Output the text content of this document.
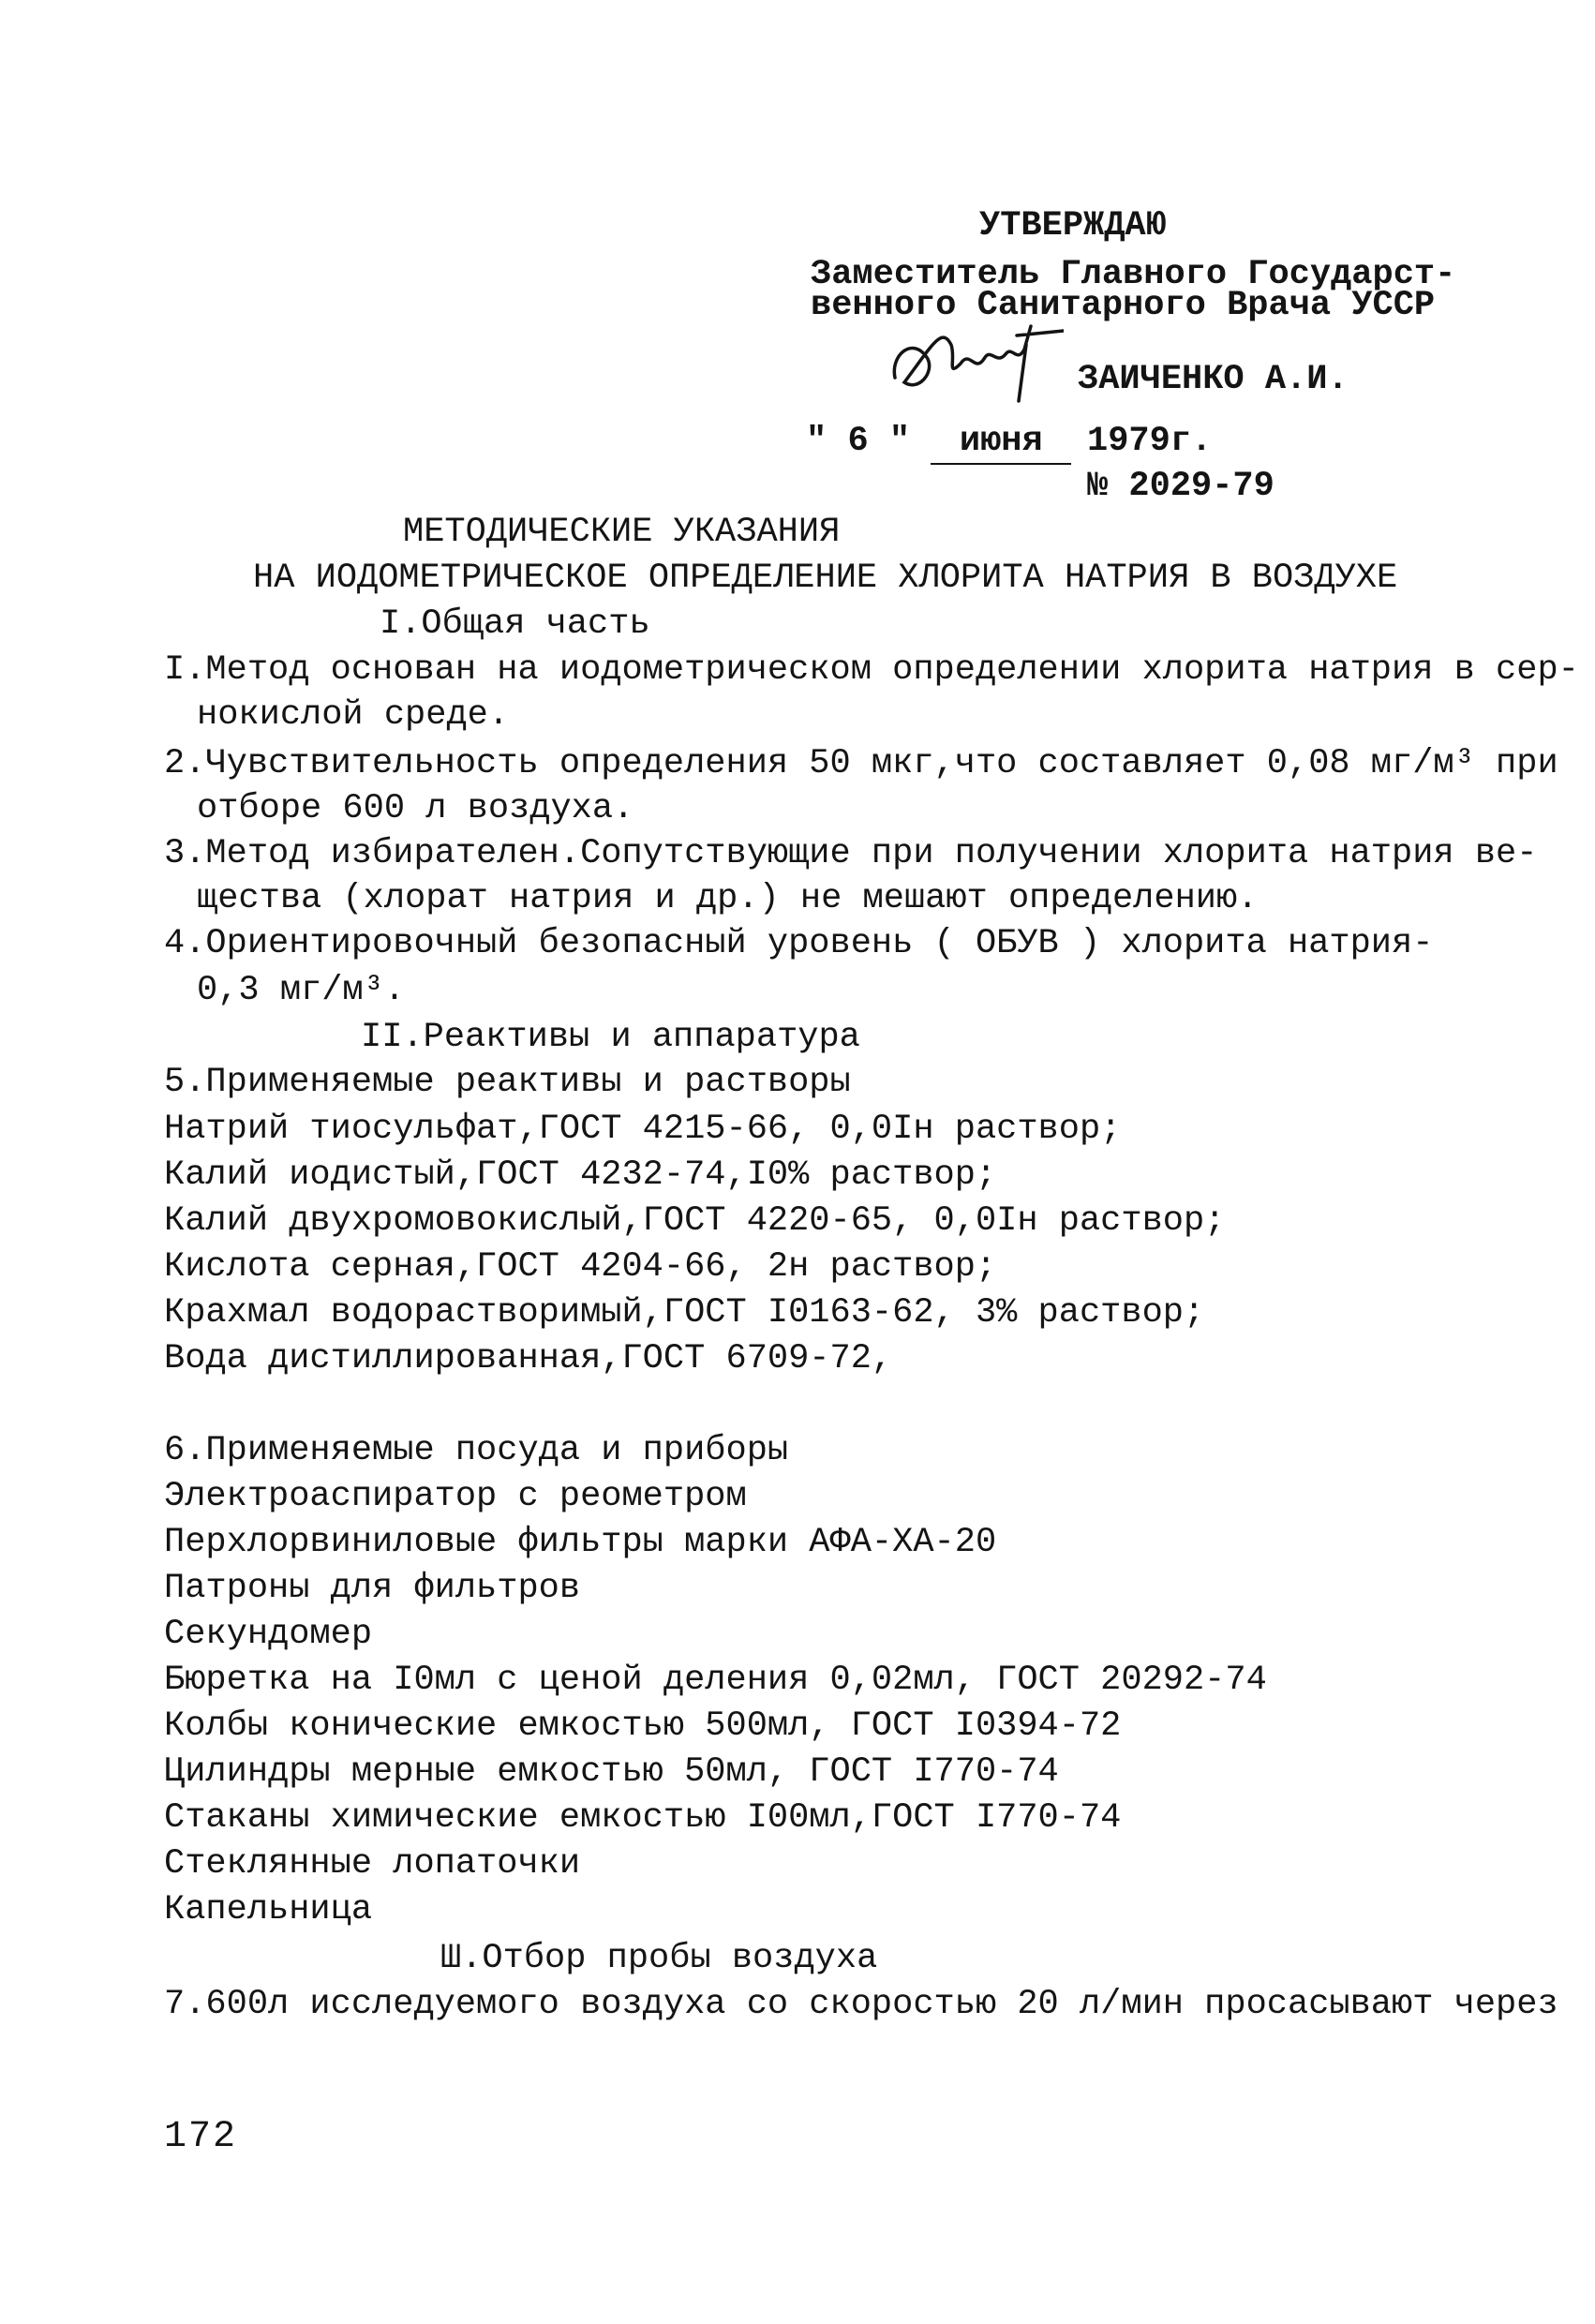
УТВЕРЖДАЮ
Заместитель Главного Государст-
венного Санитарного Врача УССР
ЗАИЧЕНКО А.И.
" 6 " июня	1979г.
№ 2029-79
МЕТОДИЧЕСКИЕ УКАЗАНИЯ
НА ИОДОМЕТРИЧЕСКОЕ ОПРЕДЕЛЕНИЕ ХЛОРИТА НАТРИЯ В ВОЗДУХЕ
I.Общая часть
I.Метод основан на иодометрическом определении хлорита натрия в сер-
нокислой среде.
2.Чувствительность определения 50 мкг,что составляет 0,08 мг/м³ при
отборе 600 л воздуха.
3.Метод избирателен.Сопутствующие при получении хлорита натрия ве-
щества (хлорат натрия и др.) не мешают определению.
4.Ориентировочный безопасный уровень ( ОБУВ ) хлорита натрия-
0,3 мг/м³.
II.Реактивы и аппаратура
5.Применяемые реактивы и растворы
Натрий тиосульфат,ГОСТ 4215-66, 0,0Iн раствор;
Калий иодистый,ГОСТ 4232-74,I0% раствор;
Калий двухромовокислый,ГОСТ 4220-65, 0,0Iн раствор;
Кислота серная,ГОСТ 4204-66, 2н раствор;
Крахмал водорастворимый,ГОСТ I0163-62, 3% раствор;
Вода дистиллированная,ГОСТ 6709-72,
6.Применяемые посуда и приборы
Электроаспиратор с реометром
Перхлорвиниловые фильтры марки АФА-ХА-20
Патроны для фильтров
Секундомер
Бюретка на I0мл с ценой деления 0,02мл, ГОСТ 20292-74
Колбы конические емкостью 500мл, ГОСТ I0394-72
Цилиндры мерные емкостью 50мл, ГОСТ I770-74
Стаканы химические емкостью I00мл,ГОСТ I770-74
Стеклянные лопаточки
Капельница
Ш.Отбор пробы воздуха
7.600л исследуемого воздуха со скоростью 20 л/мин просасывают через
172
